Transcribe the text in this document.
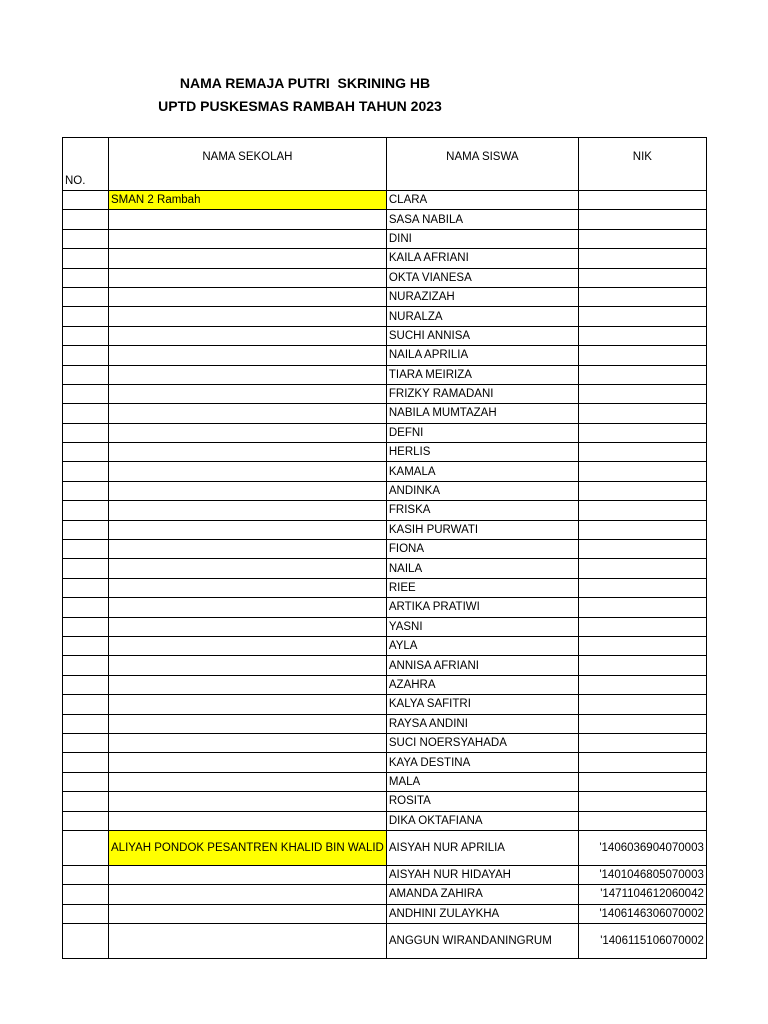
NAMA REMAJA PUTRI  SKRINING HB
UPTD PUSKESMAS RAMBAH TAHUN 2023
NO.	NAMA SEKOLAH	NAMA SISWA	NIK
	SMAN 2 Rambah	CLARA	
		SASA NABILA	
		DINI	
		KAILA AFRIANI	
		OKTA VIANESA	
		NURAZIZAH	
		NURALZA	
		SUCHI ANNISA	
		NAILA APRILIA	
		TIARA MEIRIZA	
		FRIZKY RAMADANI	
		NABILA MUMTAZAH	
		DEFNI	
		HERLIS	
		KAMALA	
		ANDINKA	
		FRISKA	
		KASIH PURWATI	
		FIONA	
		NAILA	
		RIEE	
		ARTIKA PRATIWI	
		YASNI	
		AYLA	
		ANNISA AFRIANI	
		AZAHRA	
		KALYA SAFITRI	
		RAYSA ANDINI	
		SUCI NOERSYAHADA	
		KAYA DESTINA	
		MALA	
		ROSITA	
		DIKA OKTAFIANA	
	ALIYAH PONDOK PESANTREN KHALID BIN WALID	AISYAH NUR APRILIA	'1406036904070003
		AISYAH NUR HIDAYAH	'1401046805070003
		AMANDA ZAHIRA	'1471104612060042
		ANDHINI ZULAYKHA	'1406146306070002
		ANGGUN WIRANDANINGRUM	'1406115106070002
